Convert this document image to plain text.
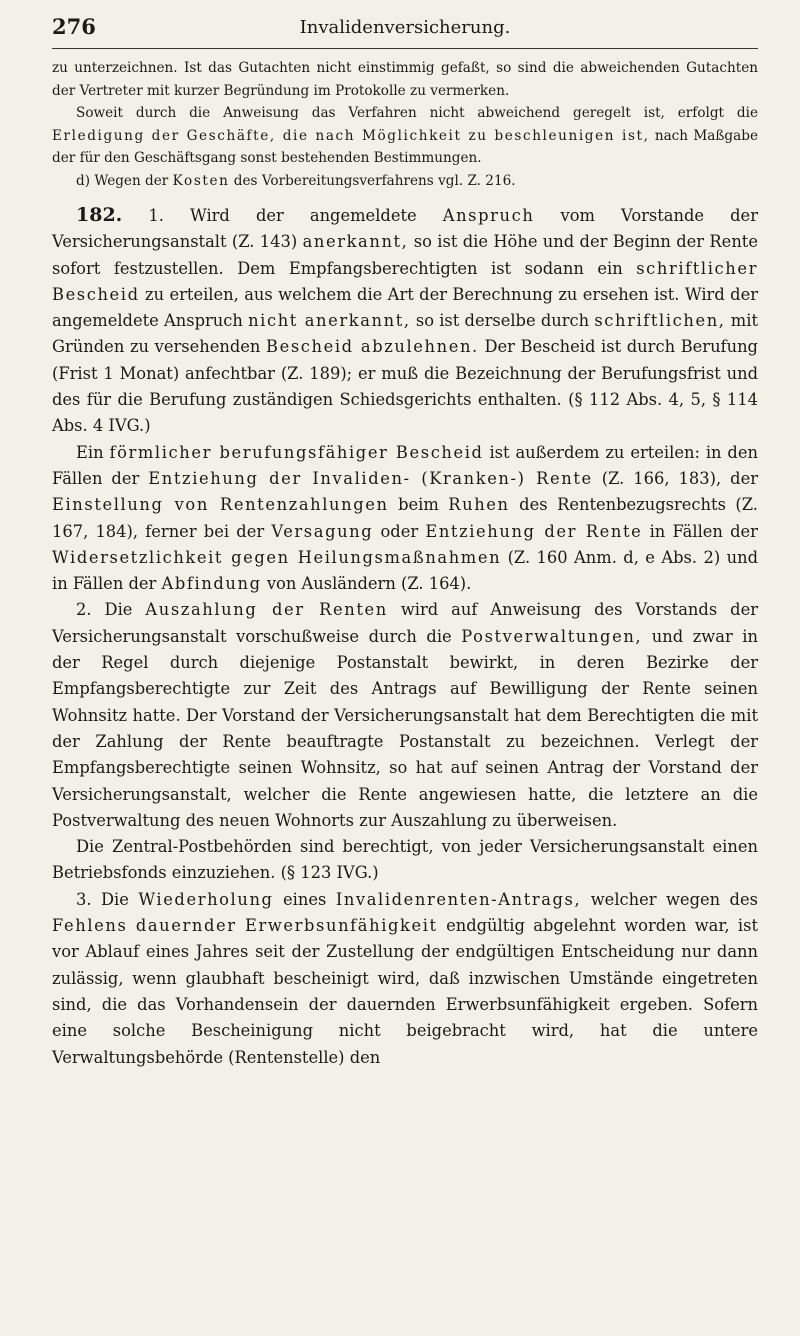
276	Invalidenversicherung.

zu unterzeichnen. Ist das Gutachten nicht einstimmig gefaßt, so sind die abweichenden Gutachten der Vertreter mit kurzer Begründung im Protokolle zu vermerken.

Soweit durch die Anweisung das Verfahren nicht abweichend geregelt ist, erfolgt die Erledigung der Geschäfte, die nach Möglichkeit zu beschleunigen ist, nach Maßgabe der für den Geschäftsgang sonst bestehenden Bestimmungen.

d) Wegen der Kosten des Vorbereitungsverfahrens vgl. Z. 216.

182. 1. Wird der angemeldete Anspruch vom Vorstande der Versicherungsanstalt (Z. 143) anerkannt, so ist die Höhe und der Beginn der Rente sofort festzustellen. Dem Empfangsberechtigten ist sodann ein schriftlicher Bescheid zu erteilen, aus welchem die Art der Berechnung zu ersehen ist. Wird der angemeldete Anspruch nicht anerkannt, so ist derselbe durch schriftlichen, mit Gründen zu versehenden Bescheid abzulehnen. Der Bescheid ist durch Berufung (Frist 1 Monat) anfechtbar (Z. 189); er muß die Bezeichnung der Berufungsfrist und des für die Berufung zuständigen Schiedsgerichts enthalten. (§ 112 Abs. 4, 5, § 114 Abs. 4 IVG.)

Ein förmlicher berufungsfähiger Bescheid ist außerdem zu erteilen: in den Fällen der Entziehung der Invaliden- (Kranken-) Rente (Z. 166, 183), der Einstellung von Rentenzahlungen beim Ruhen des Rentenbezugsrechts (Z. 167, 184), ferner bei der Versagung oder Entziehung der Rente in Fällen der Widersetzlichkeit gegen Heilungsmaßnahmen (Z. 160 Anm. d, e Abs. 2) und in Fällen der Abfindung von Ausländern (Z. 164).

2. Die Auszahlung der Renten wird auf Anweisung des Vorstands der Versicherungsanstalt vorschußweise durch die Postverwaltungen, und zwar in der Regel durch diejenige Postanstalt bewirkt, in deren Bezirke der Empfangsberechtigte zur Zeit des Antrags auf Bewilligung der Rente seinen Wohnsitz hatte. Der Vorstand der Versicherungsanstalt hat dem Berechtigten die mit der Zahlung der Rente beauftragte Postanstalt zu bezeichnen. Verlegt der Empfangsberechtigte seinen Wohnsitz, so hat auf seinen Antrag der Vorstand der Versicherungsanstalt, welcher die Rente angewiesen hatte, die letztere an die Postverwaltung des neuen Wohnorts zur Auszahlung zu überweisen.

Die Zentral-Postbehörden sind berechtigt, von jeder Versicherungsanstalt einen Betriebsfonds einzuziehen. (§ 123 IVG.)

3. Die Wiederholung eines Invalidenrenten-Antrags, welcher wegen des Fehlens dauernder Erwerbsunfähigkeit endgültig abgelehnt worden war, ist vor Ablauf eines Jahres seit der Zustellung der endgültigen Entscheidung nur dann zulässig, wenn glaubhaft bescheinigt wird, daß inzwischen Umstände eingetreten sind, die das Vorhandensein der dauernden Erwerbsunfähigkeit ergeben. Sofern eine solche Bescheinigung nicht beigebracht wird, hat die untere Verwaltungsbehörde (Rentenstelle) den
